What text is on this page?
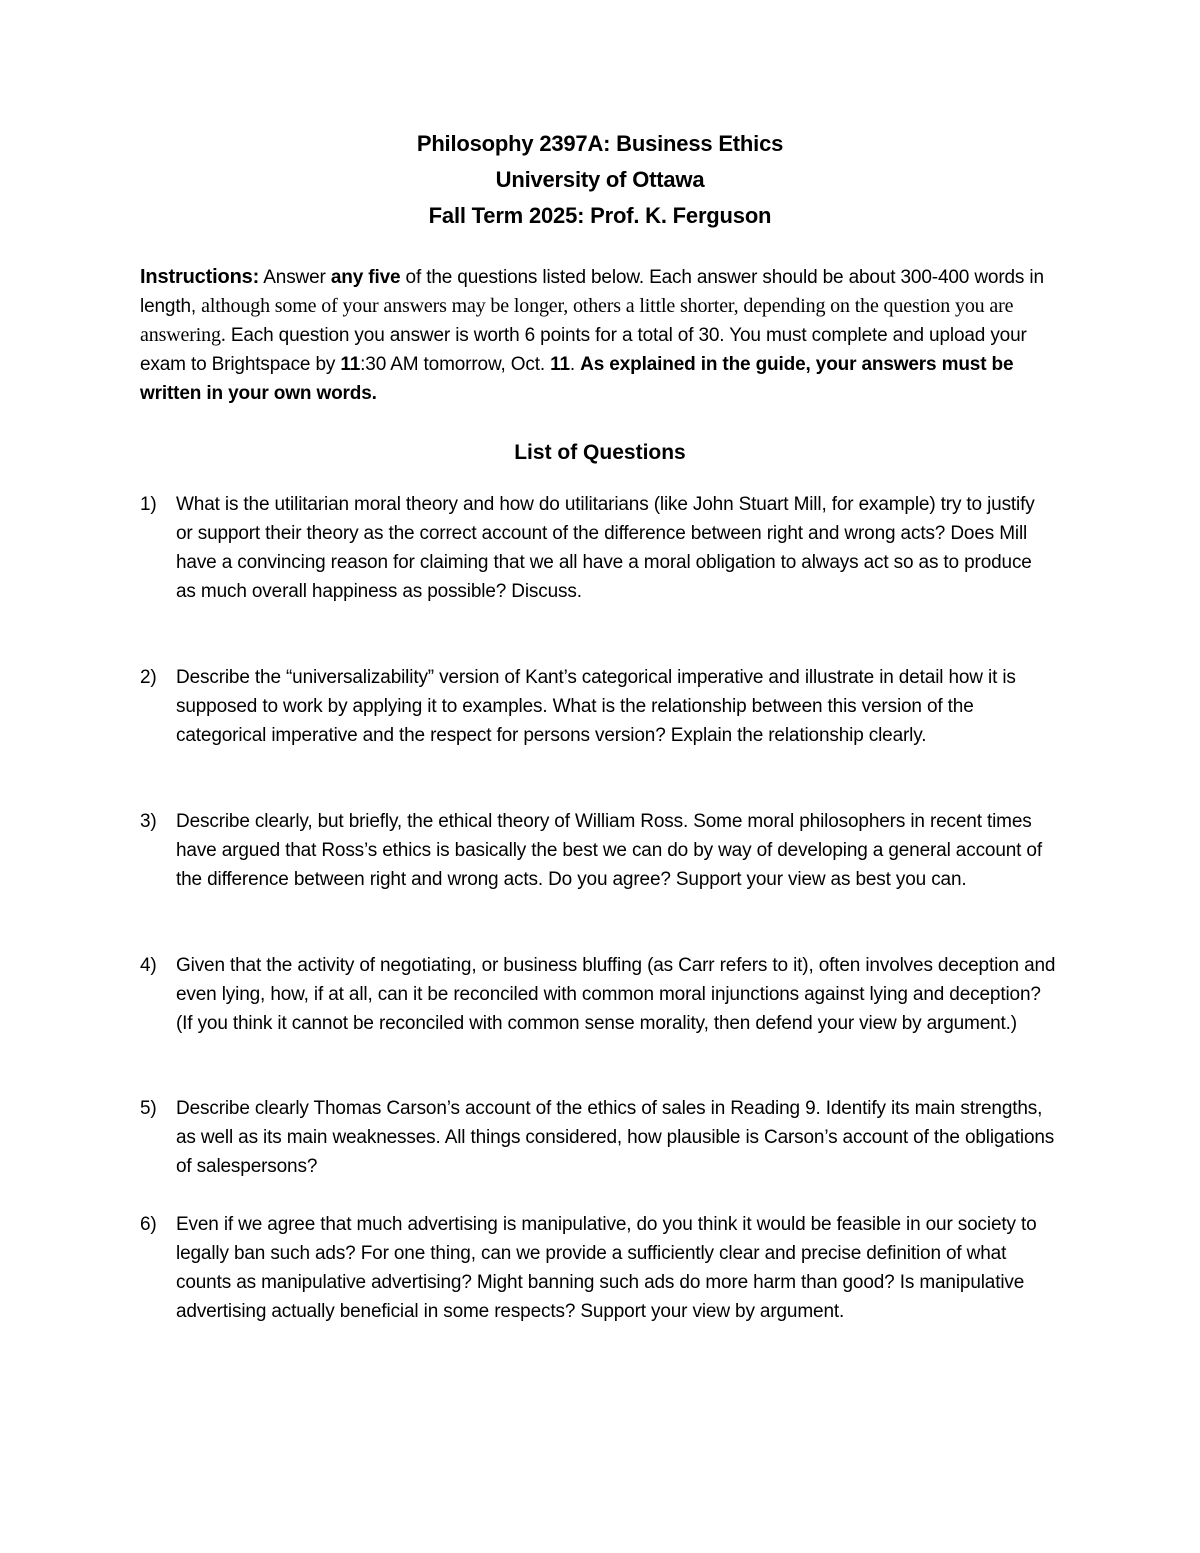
Philosophy 2397A: Business Ethics
University of Ottawa
Fall Term 2025: Prof. K. Ferguson
Instructions: Answer any five of the questions listed below. Each answer should be about 300-400 words in length, although some of your answers may be longer, others a little shorter, depending on the question you are answering. Each question you answer is worth 6 points for a total of 30. You must complete and upload your exam to Brightspace by 11:30 AM tomorrow, Oct. 11. As explained in the guide, your answers must be written in your own words.
List of Questions
1)	What is the utilitarian moral theory and how do utilitarians (like John Stuart Mill, for example) try to justify or support their theory as the correct account of the difference between right and wrong acts? Does Mill have a convincing reason for claiming that we all have a moral obligation to always act so as to produce as much overall happiness as possible? Discuss.
2)	Describe the “universalizability” version of Kant’s categorical imperative and illustrate in detail how it is supposed to work by applying it to examples. What is the relationship between this version of the categorical imperative and the respect for persons version? Explain the relationship clearly.
3)	Describe clearly, but briefly, the ethical theory of William Ross. Some moral philosophers in recent times have argued that Ross’s ethics is basically the best we can do by way of developing a general account of the difference between right and wrong acts. Do you agree? Support your view as best you can.
4)	Given that the activity of negotiating, or business bluffing (as Carr refers to it), often involves deception and even lying, how, if at all, can it be reconciled with common moral injunctions against lying and deception? (If you think it cannot be reconciled with common sense morality, then defend your view by argument.)
5)	Describe clearly Thomas Carson’s account of the ethics of sales in Reading 9. Identify its main strengths, as well as its main weaknesses. All things considered, how plausible is Carson’s account of the obligations of salespersons?
6)	Even if we agree that much advertising is manipulative, do you think it would be feasible in our society to legally ban such ads? For one thing, can we provide a sufficiently clear and precise definition of what counts as manipulative advertising? Might banning such ads do more harm than good? Is manipulative advertising actually beneficial in some respects? Support your view by argument.
